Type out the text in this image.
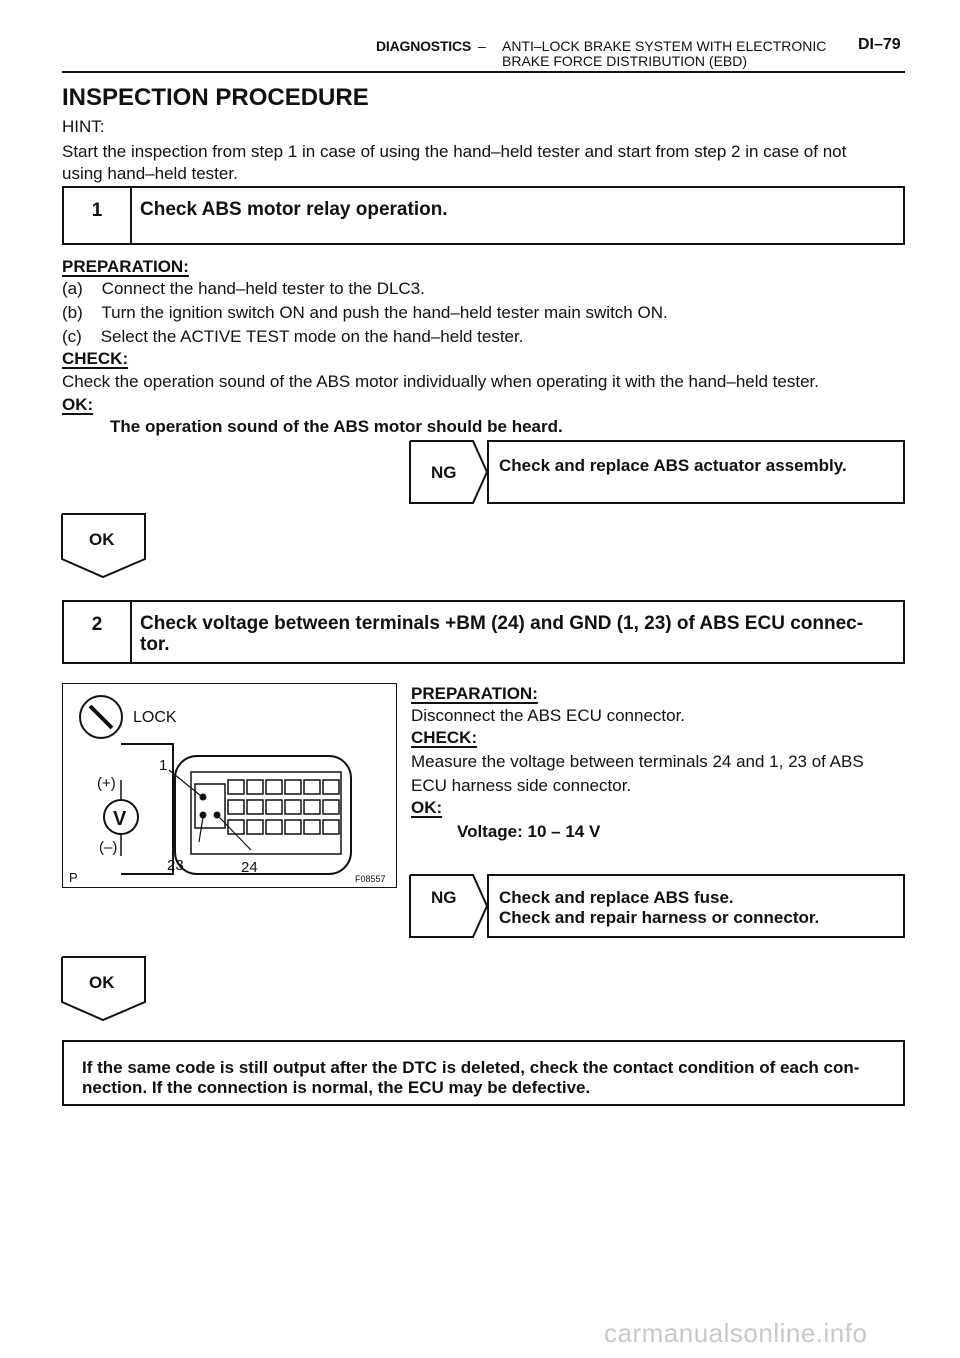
DIAGNOSTICS – ANTI–LOCK BRAKE SYSTEM WITH ELECTRONIC
BRAKE FORCE DISTRIBUTION (EBD)
DI–79
INSPECTION PROCEDURE
HINT:
Start the inspection from step 1 in case of using the hand–held tester and start from step 2 in case of not
using hand–held tester.
1	Check ABS motor relay operation.
PREPARATION:
(a)    Connect the hand–held tester to the DLC3.
(b)    Turn the ignition switch ON and push the hand–held tester main switch ON.
(c)    Select the ACTIVE TEST mode on the hand–held tester.
CHECK:
Check the operation sound of the ABS motor individually when operating it with the hand–held tester.
OK:
The operation sound of the ABS motor should be heard.
NG	Check and replace ABS actuator assembly.
OK
2	Check voltage between terminals +BM (24) and GND (1, 23) of ABS ECU connec-
tor.
LOCK
V
(+)
(–)
1
23	24
P	F08557
PREPARATION:
Disconnect the ABS ECU connector.
CHECK:
Measure the voltage between terminals 24 and 1, 23 of ABS
ECU harness side connector.
OK:
Voltage: 10 – 14 V
NG	Check and replace ABS fuse.
Check and repair harness or connector.
OK
If the same code is still output after the DTC is deleted, check the contact condition of each con-
nection. If the connection is normal, the ECU may be defective.
carmanualsonline.info
